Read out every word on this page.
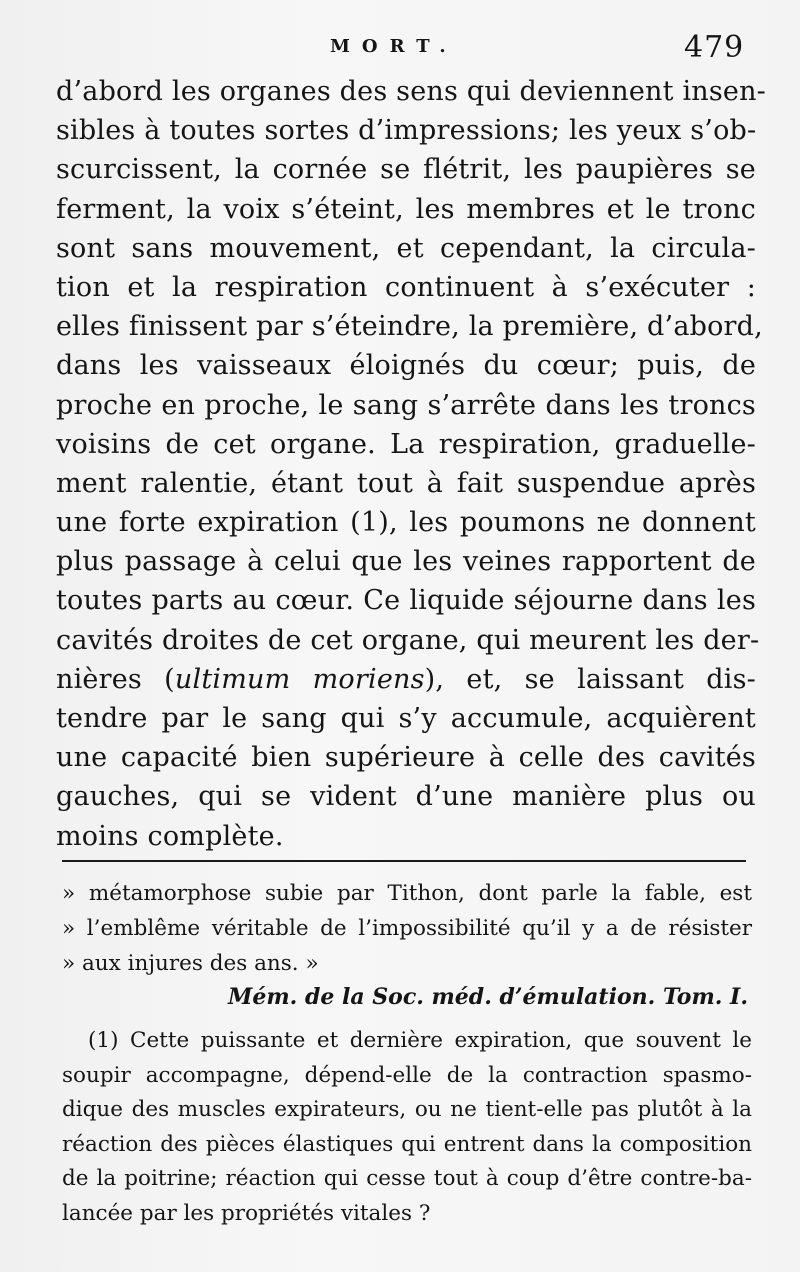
MORT.	479
d’abord les organes des sens qui deviennent insen-
sibles à toutes sortes d’impressions; les yeux s’ob-
scurcissent, la cornée se flétrit, les paupières se
ferment, la voix s’éteint, les membres et le tronc
sont sans mouvement, et cependant, la circula-
tion et la respiration continuent à s’exécuter :
elles finissent par s’éteindre, la première, d’abord,
dans les vaisseaux éloignés du cœur; puis, de
proche en proche, le sang s’arrête dans les troncs
voisins de cet organe. La respiration, graduelle-
ment ralentie, étant tout à fait suspendue après
une forte expiration (1), les poumons ne donnent
plus passage à celui que les veines rapportent de
toutes parts au cœur. Ce liquide séjourne dans les
cavités droites de cet organe, qui meurent les der-
nières (ultimum moriens), et, se laissant dis-
tendre par le sang qui s’y accumule, acquièrent
une capacité bien supérieure à celle des cavités
gauches, qui se vident d’une manière plus ou
moins complète.
» métamorphose subie par Tithon, dont parle la fable, est
» l’emblême véritable de l’impossibilité qu’il y a de résister
» aux injures des ans. »
Mém. de la Soc. méd. d’émulation. Tom. I.
(1) Cette puissante et dernière expiration, que souvent le
soupir accompagne, dépend-elle de la contraction spasmo-
dique des muscles expirateurs, ou ne tient-elle pas plutôt à la
réaction des pièces élastiques qui entrent dans la composition
de la poitrine; réaction qui cesse tout à coup d’être contre-ba-
lancée par les propriétés vitales ?
